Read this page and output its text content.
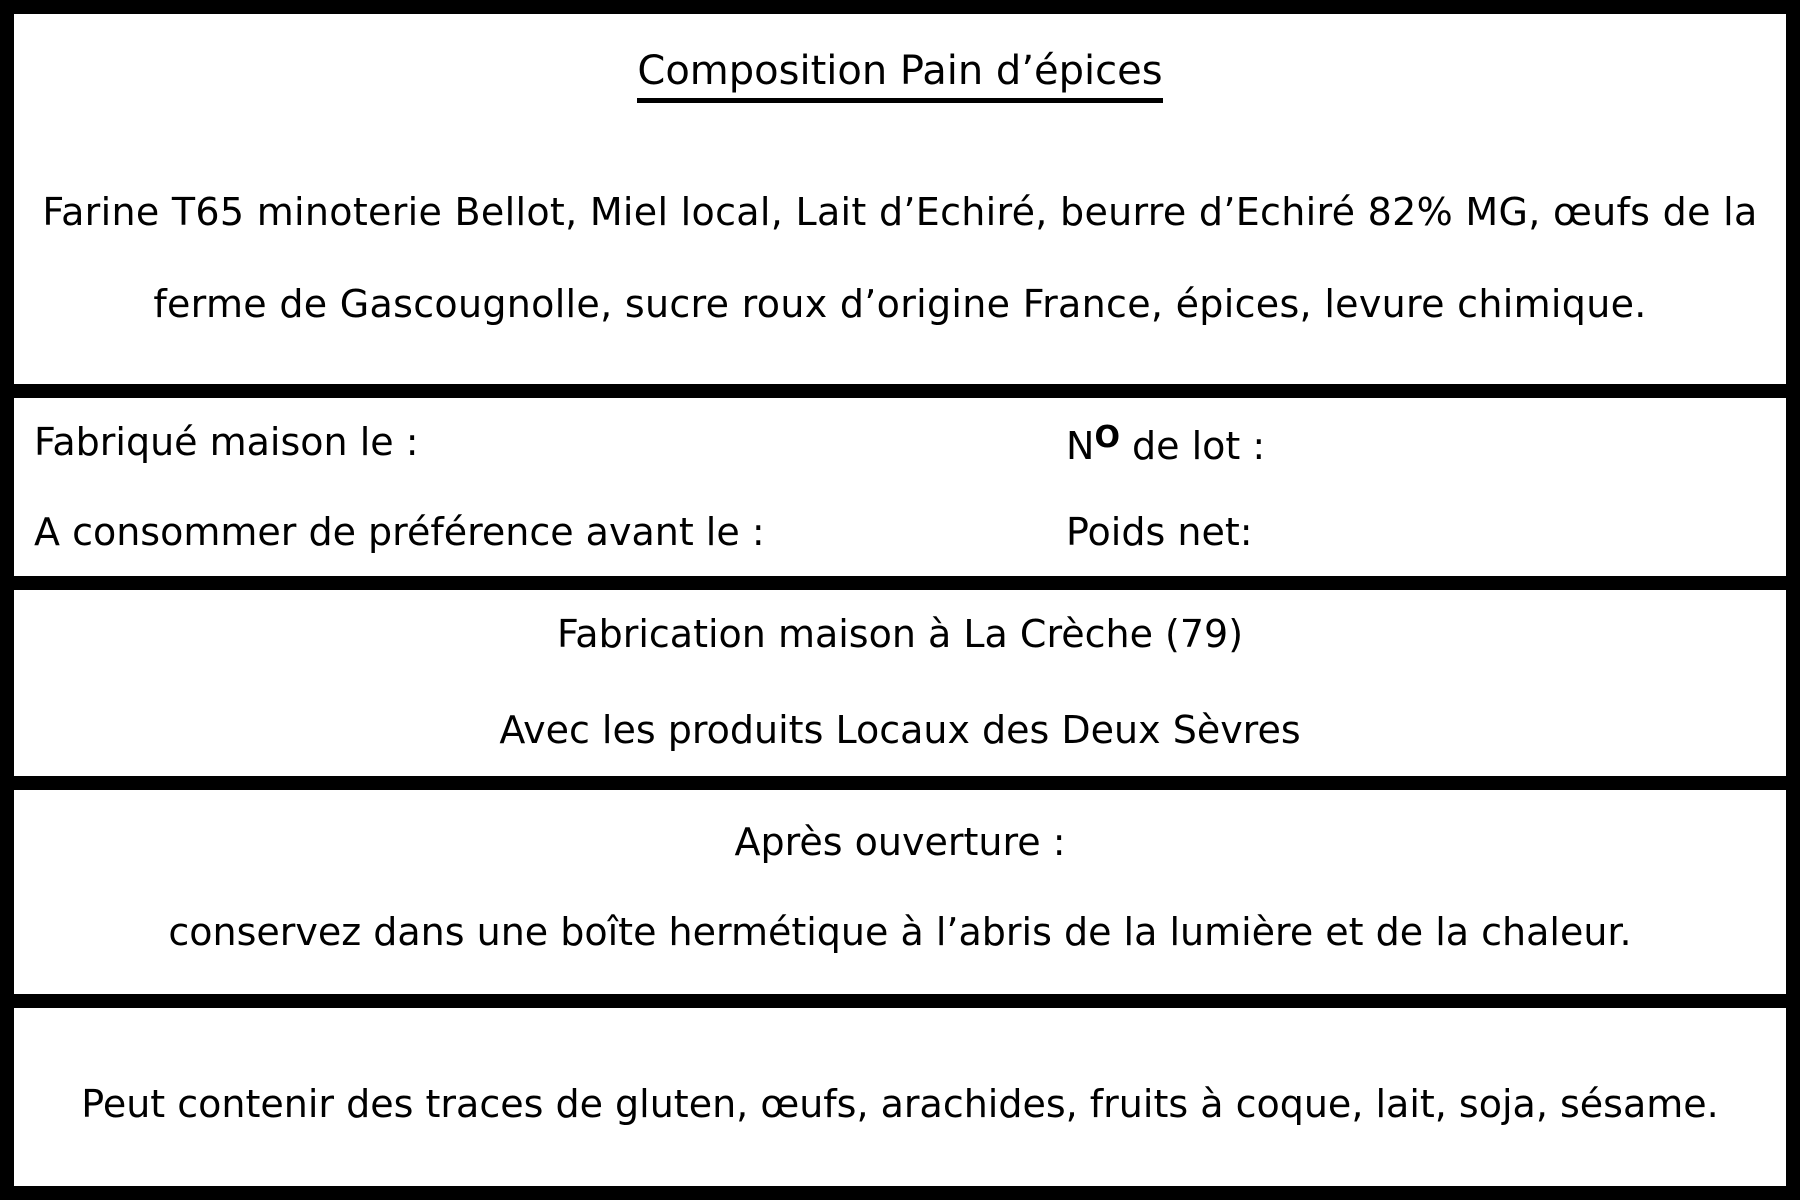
Composition Pain d’épices
Farine T65 minoterie Bellot, Miel local, Lait d’Echiré, beurre d’Echiré 82% MG, œufs de la
ferme de Gascougnolle, sucre roux d’origine France, épices, levure chimique.
Fabriqué maison le :
A consommer de préférence avant le :
$N^O$ de lot :
Poids net:
Fabrication maison à La Crèche (79)
Avec les produits Locaux des Deux Sèvres
Après ouverture :
conservez dans une boîte hermétique à l’abris de la lumière et de la chaleur.
Peut contenir des traces de gluten, œufs, arachides, fruits à coque, lait, soja, sésame.
